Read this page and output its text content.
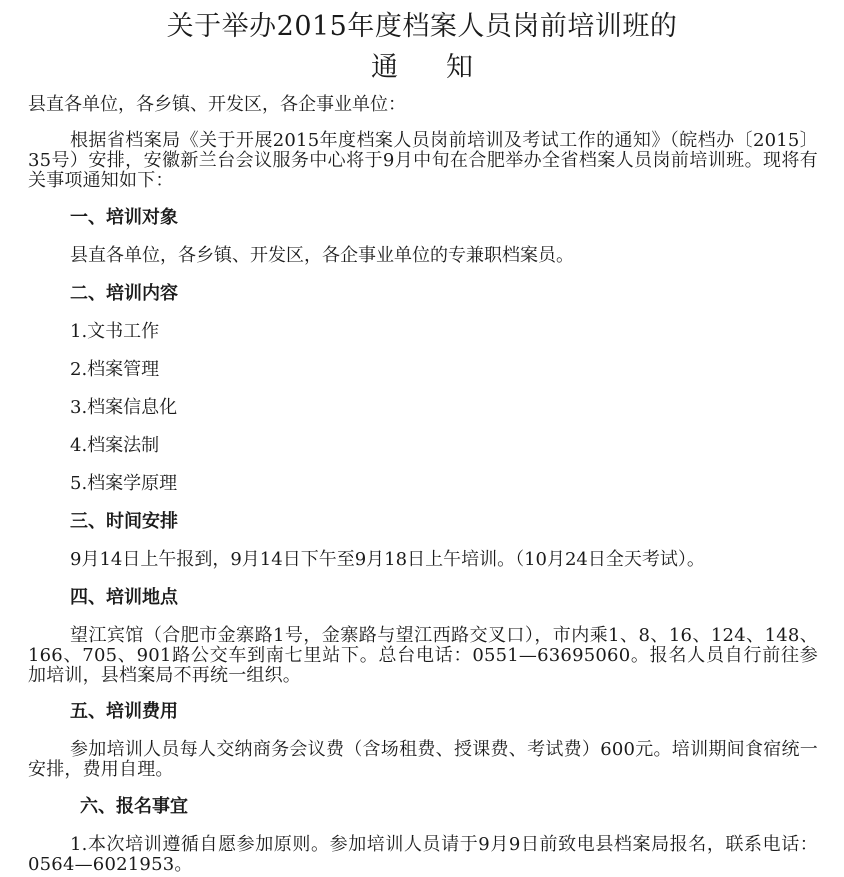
关于举办2015年度档案人员岗前培训班的
通 知
县直各单位，各乡镇、开发区，各企事业单位：
根据省档案局《关于开展2015年度档案人员岗前培训及考试工作的通知》（皖档办〔2015〕35号）安排，安徽新兰台会议服务中心将于9月中旬在合肥举办全省档案人员岗前培训班。现将有关事项通知如下：
一、培训对象
县直各单位，各乡镇、开发区，各企事业单位的专兼职档案员。
二、培训内容
1.文书工作
2.档案管理
3.档案信息化
4.档案法制
5.档案学原理
三、时间安排
9月14日上午报到，9月14日下午至9月18日上午培训。（10月24日全天考试）。
四、培训地点
望江宾馆（合肥市金寨路1号，金寨路与望江西路交叉口），市内乘1、8、16、124、148、166、705、901路公交车到南七里站下。总台电话：0551—63695060。报名人员自行前往参加培训，县档案局不再统一组织。
五、培训费用
参加培训人员每人交纳商务会议费（含场租费、授课费、考试费）600元。培训期间食宿统一安排，费用自理。
六、报名事宜
1.本次培训遵循自愿参加原则。参加培训人员请于9月9日前致电县档案局报名，联系电话：0564—6021953。
